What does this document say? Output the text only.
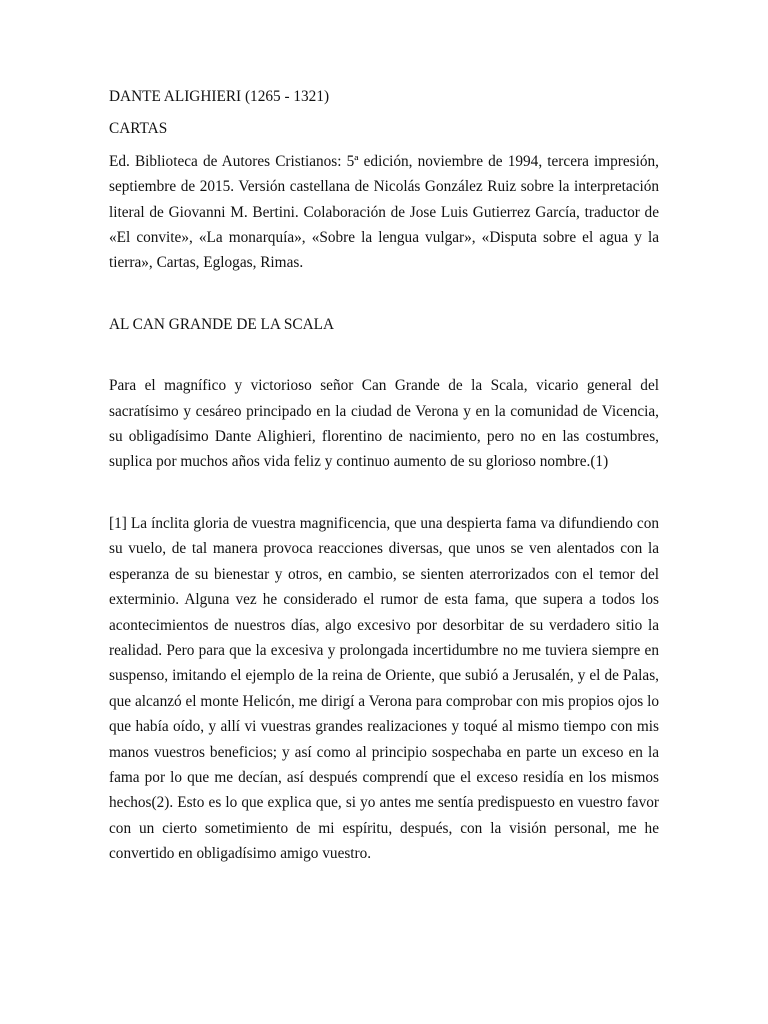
DANTE ALIGHIERI (1265 - 1321)

CARTAS

Ed. Biblioteca de Autores Cristianos: 5ª edición, noviembre de 1994, tercera impresión, septiembre de 2015. Versión castellana de Nicolás González Ruiz sobre la interpretación literal de Giovanni M. Bertini. Colaboración de Jose Luis Gutierrez García, traductor de «El convite», «La monarquía», «Sobre la lengua vulgar», «Disputa sobre el agua y la tierra», Cartas, Eglogas, Rimas.

AL CAN GRANDE DE LA SCALA

Para el magnífico y victorioso señor Can Grande de la Scala, vicario general del sacratísimo y cesáreo principado en la ciudad de Verona y en la comunidad de Vicencia, su obligadísimo Dante Alighieri, florentino de nacimiento, pero no en las costumbres, suplica por muchos años vida feliz y continuo aumento de su glorioso nombre.(1)

[1] La ínclita gloria de vuestra magnificencia, que una despierta fama va difundiendo con su vuelo, de tal manera provoca reacciones diversas, que unos se ven alentados con la esperanza de su bienestar y otros, en cambio, se sienten aterrorizados con el temor del exterminio. Alguna vez he considerado el rumor de esta fama, que supera a todos los acontecimientos de nuestros días, algo excesivo por desorbitar de su verdadero sitio la realidad. Pero para que la excesiva y prolongada incertidumbre no me tuviera siempre en suspenso, imitando el ejemplo de la reina de Oriente, que subió a Jerusalén, y el de Palas, que alcanzó el monte Helicón, me dirigí a Verona para comprobar con mis propios ojos lo que había oído, y allí vi vuestras grandes realizaciones y toqué al mismo tiempo con mis manos vuestros beneficios; y así como al principio sospechaba en parte un exceso en la fama por lo que me decían, así después comprendí que el exceso residía en los mismos hechos(2). Esto es lo que explica que, si yo antes me sentía predispuesto en vuestro favor con un cierto sometimiento de mi espíritu, después, con la visión personal, me he convertido en obligadísimo amigo vuestro.
